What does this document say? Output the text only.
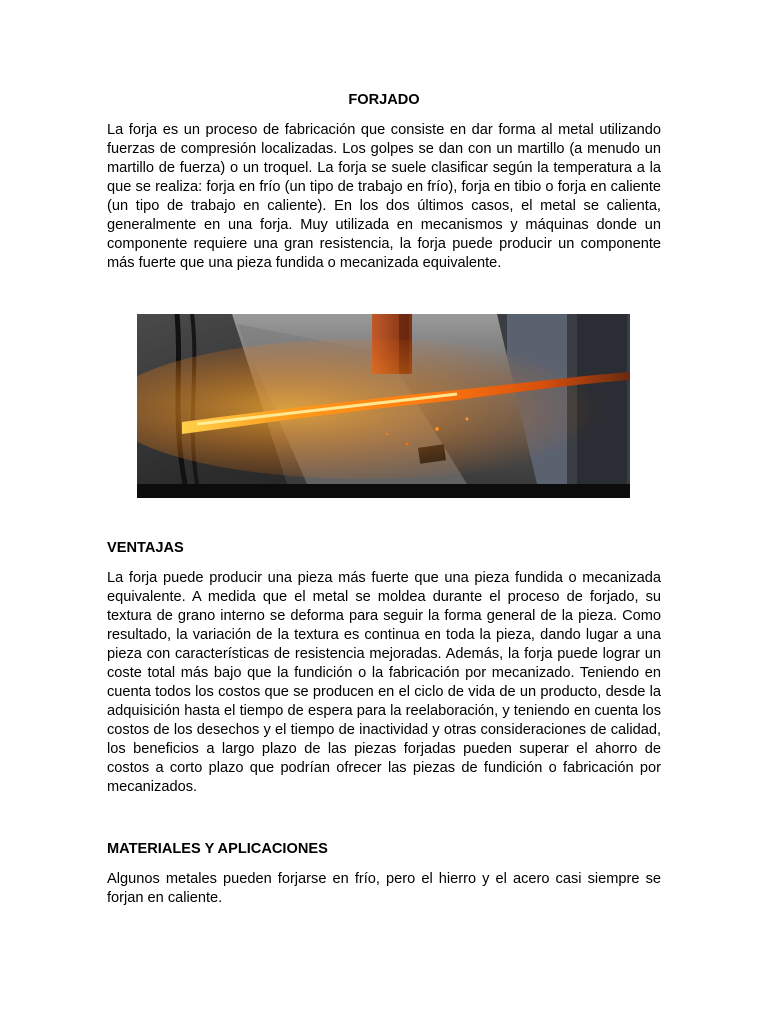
FORJADO

La forja es un proceso de fabricación que consiste en dar forma al metal utilizando fuerzas de compresión localizadas. Los golpes se dan con un martillo (a menudo un martillo de fuerza) o un troquel. La forja se suele clasificar según la temperatura a la que se realiza: forja en frío (un tipo de trabajo en frío), forja en tibio o forja en caliente (un tipo de trabajo en caliente). En los dos últimos casos, el metal se calienta, generalmente en una forja. Muy utilizada en mecanismos y máquinas donde un componente requiere una gran resistencia, la forja puede producir un componente más fuerte que una pieza fundida o mecanizada equivalente.

VENTAJAS

La forja puede producir una pieza más fuerte que una pieza fundida o mecanizada equivalente. A medida que el metal se moldea durante el proceso de forjado, su textura de grano interno se deforma para seguir la forma general de la pieza. Como resultado, la variación de la textura es continua en toda la pieza, dando lugar a una pieza con características de resistencia mejoradas. Además, la forja puede lograr un coste total más bajo que la fundición o la fabricación por mecanizado. Teniendo en cuenta todos los costos que se producen en el ciclo de vida de un producto, desde la adquisición hasta el tiempo de espera para la reelaboración, y teniendo en cuenta los costos de los desechos y el tiempo de inactividad y otras consideraciones de calidad, los beneficios a largo plazo de las piezas forjadas pueden superar el ahorro de costos a corto plazo que podrían ofrecer las piezas de fundición o fabricación por mecanizados.

MATERIALES Y APLICACIONES

Algunos metales pueden forjarse en frío, pero el hierro y el acero casi siempre se forjan en caliente.
